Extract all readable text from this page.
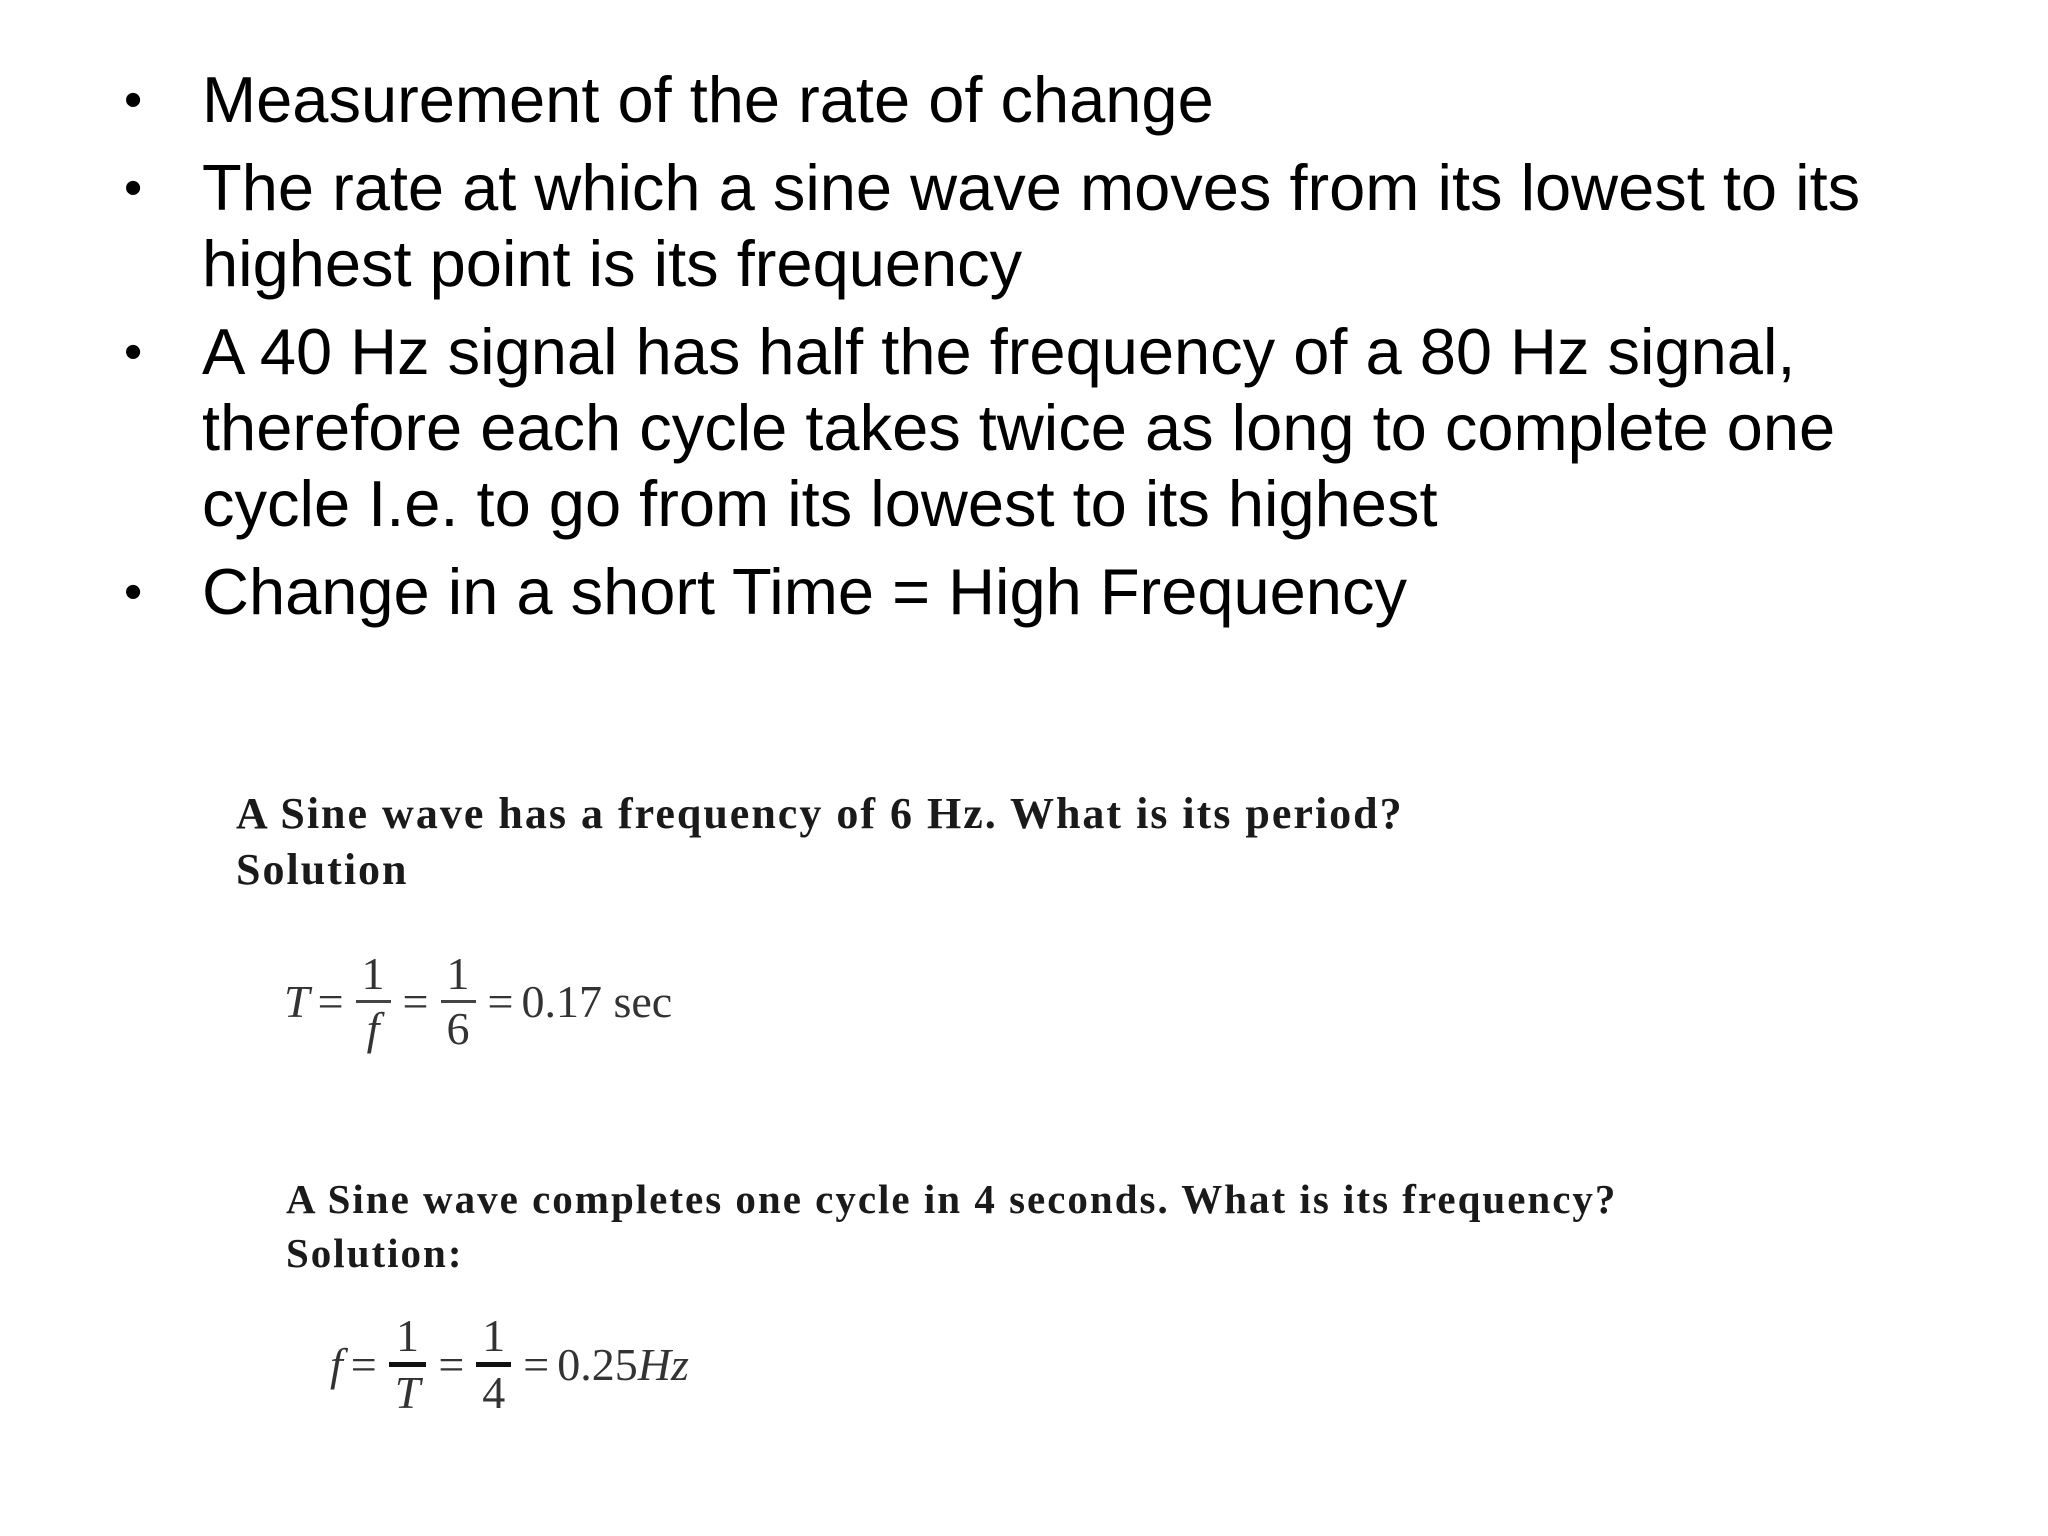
• Measurement of the rate of change
• The rate at which a sine wave moves from its lowest to its highest point is its frequency
• A 40 Hz signal has half the frequency of a 80 Hz signal, therefore each cycle takes twice as long to complete one cycle I.e. to go from its lowest to its highest
• Change in a short Time = High Frequency
A Sine wave has a frequency of 6 Hz. What is its period?
Solution
$T = \frac{1}{f} = \frac{1}{6} = 0.17$ sec
A Sine wave completes one cycle in 4 seconds. What is its frequency?
Solution:
f =
1
T
=
1
4
= 0.25 Hz
